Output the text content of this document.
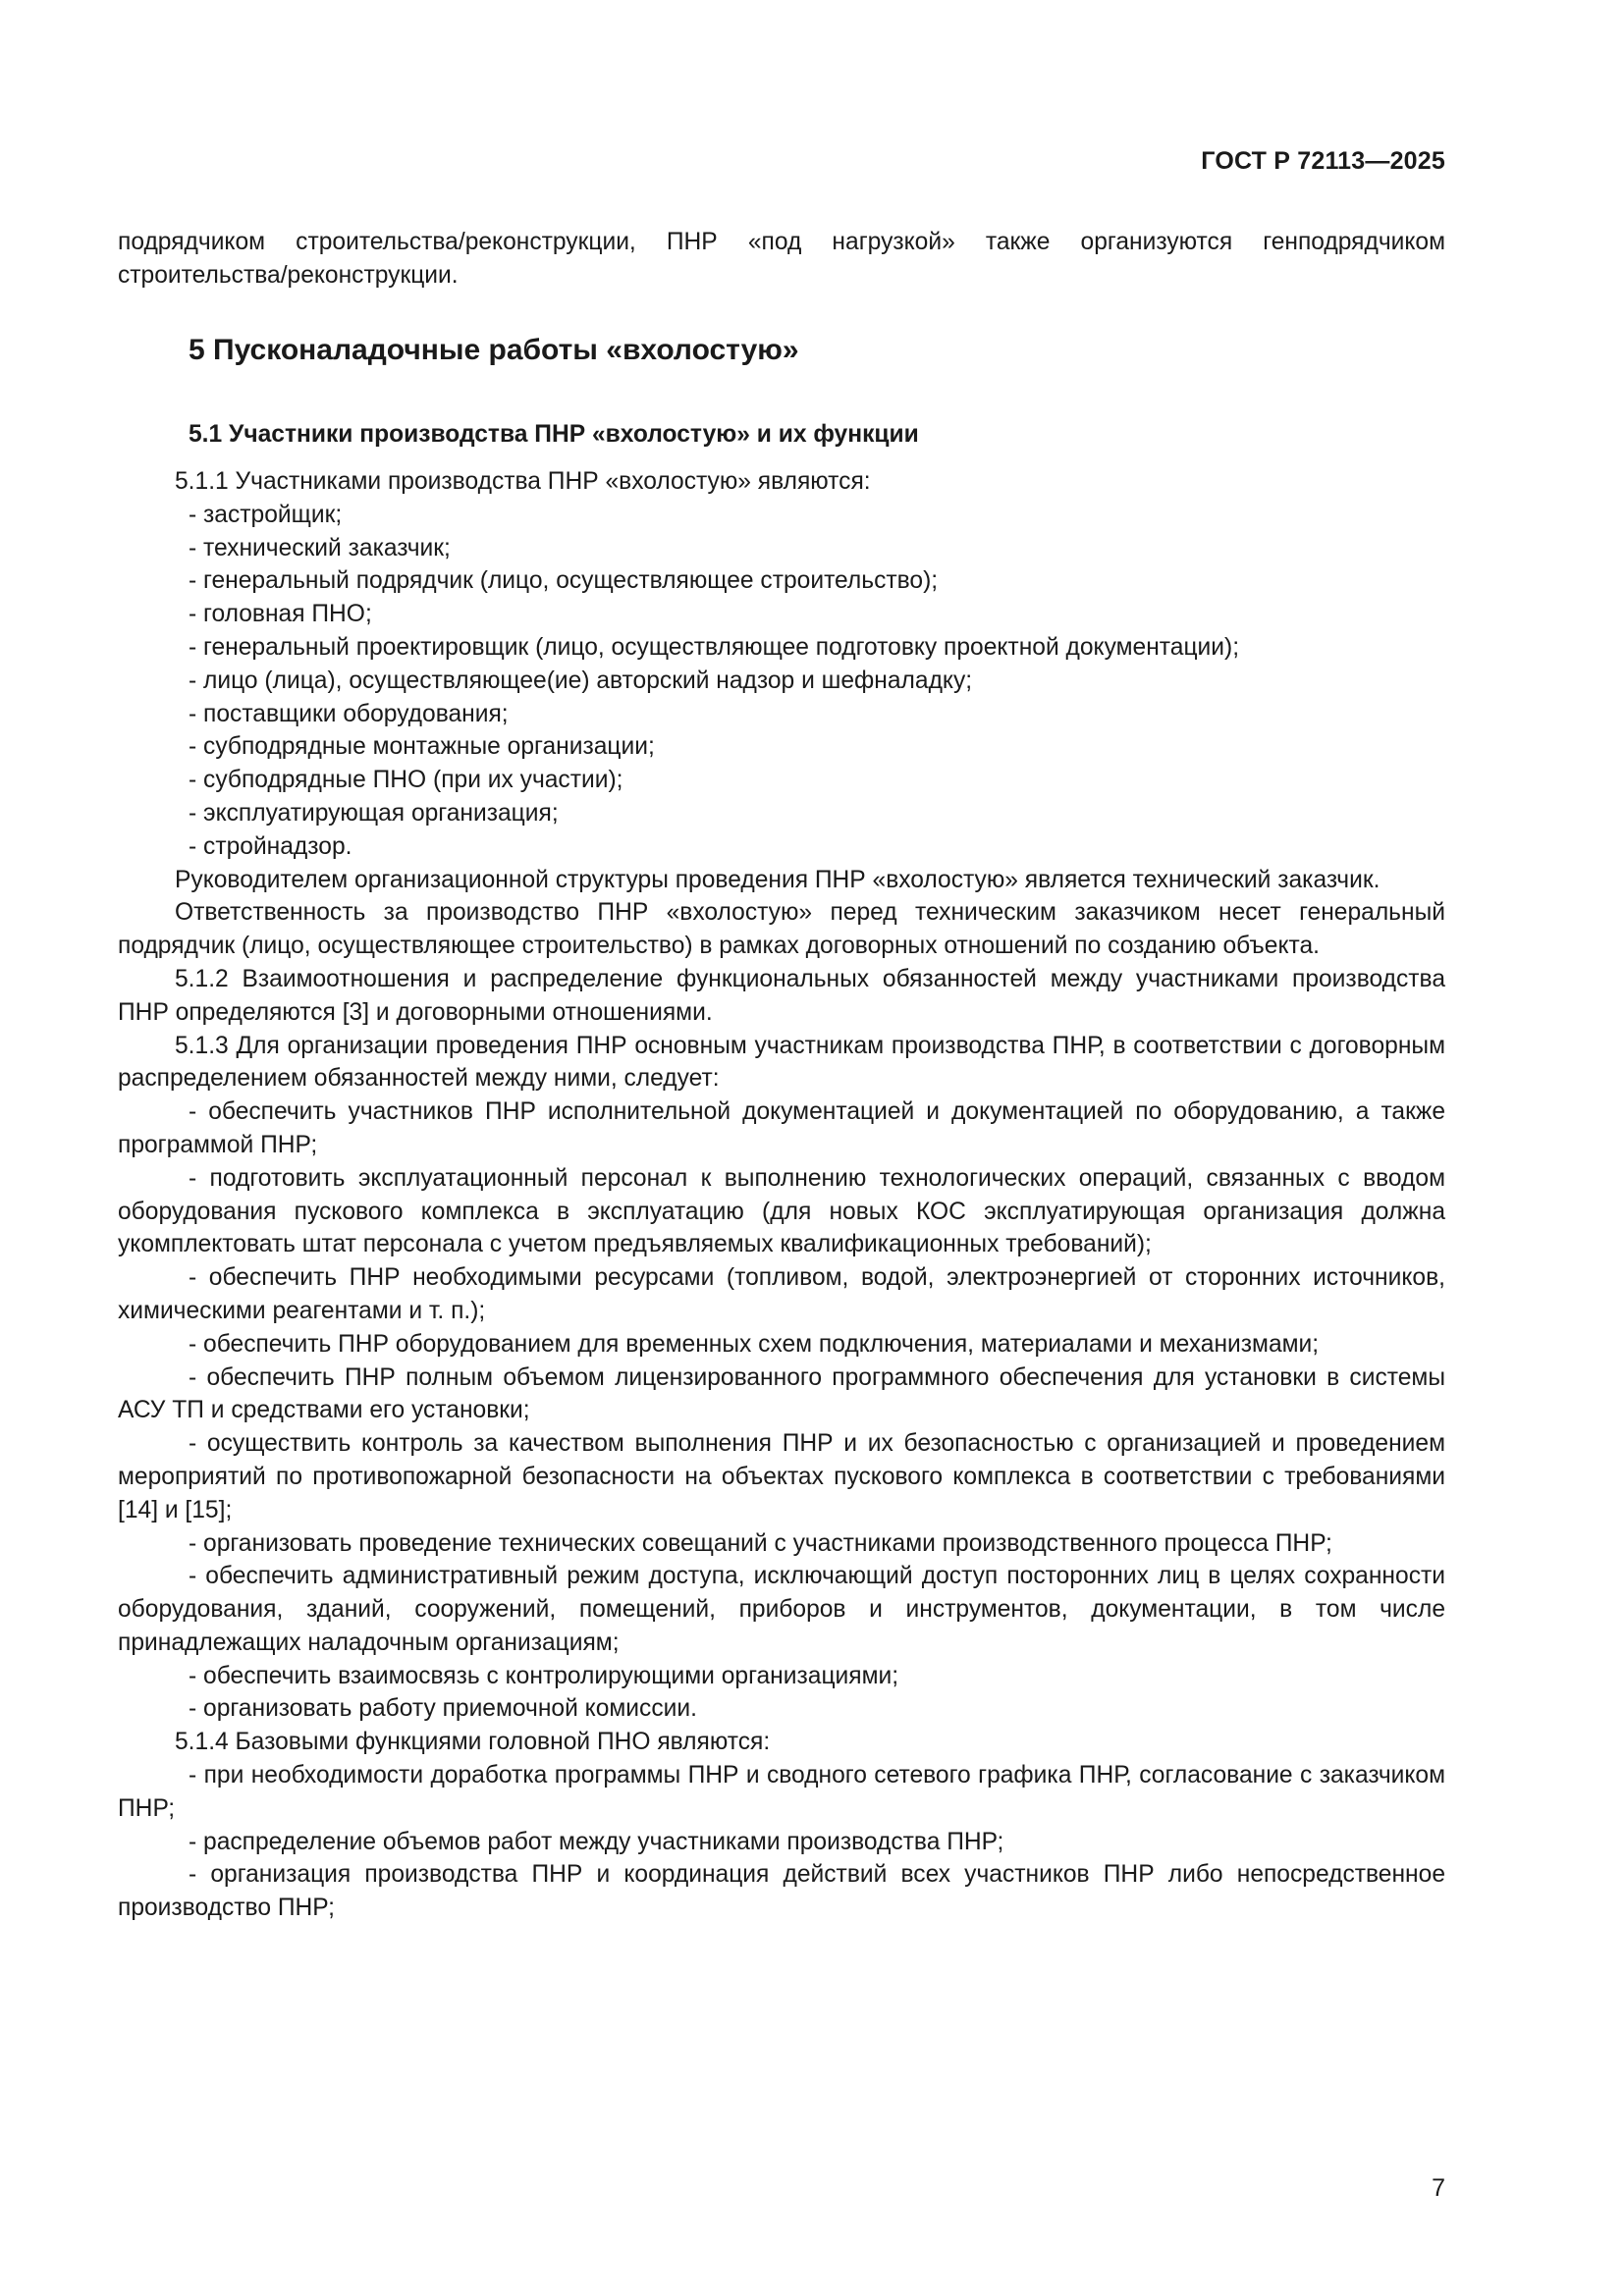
ГОСТ Р 72113—2025

подрядчиком строительства/реконструкции, ПНР «под нагрузкой» также организуются генподрядчиком строительства/реконструкции.

5 Пусконаладочные работы «вхолостую»
5.1 Участники производства ПНР «вхолостую» и их функции

5.1.1 Участниками производства ПНР «вхолостую» являются:

- застройщик;
- технический заказчик;
- генеральный подрядчик (лицо, осуществляющее строительство);
- головная ПНО;
- генеральный проектировщик (лицо, осуществляющее подготовку проектной документации);
- лицо (лица), осуществляющее(ие) авторский надзор и шефналадку;
- поставщики оборудования;
- субподрядные монтажные организации;
- субподрядные ПНО (при их участии);
- эксплуатирующая организация;
- стройнадзор.

Руководителем организационной структуры проведения ПНР «вхолостую» является технический заказчик.

Ответственность за производство ПНР «вхолостую» перед техническим заказчиком несет генеральный подрядчик (лицо, осуществляющее строительство) в рамках договорных отношений по созданию объекта.

5.1.2 Взаимоотношения и распределение функциональных обязанностей между участниками производства ПНР определяются [3] и договорными отношениями.

5.1.3 Для организации проведения ПНР основным участникам производства ПНР, в соответствии с договорным распределением обязанностей между ними, следует:

- обеспечить участников ПНР исполнительной документацией и документацией по оборудованию, а также программой ПНР;

- подготовить эксплуатационный персонал к выполнению технологических операций, связанных с вводом оборудования пускового комплекса в эксплуатацию (для новых КОС эксплуатирующая организация должна укомплектовать штат персонала с учетом предъявляемых квалификационных требований);

- обеспечить ПНР необходимыми ресурсами (топливом, водой, электроэнергией от сторонних источников, химическими реагентами и т. п.);

- обеспечить ПНР оборудованием для временных схем подключения, материалами и механизмами;

- обеспечить ПНР полным объемом лицензированного программного обеспечения для установки в системы АСУ ТП и средствами его установки;

- осуществить контроль за качеством выполнения ПНР и их безопасностью с организацией и проведением мероприятий по противопожарной безопасности на объектах пускового комплекса в соответствии с требованиями [14] и [15];

- организовать проведение технических совещаний с участниками производственного процесса ПНР;

- обеспечить административный режим доступа, исключающий доступ посторонних лиц в целях сохранности оборудования, зданий, сооружений, помещений, приборов и инструментов, документации, в том числе принадлежащих наладочным организациям;

- обеспечить взаимосвязь с контролирующими организациями;

- организовать работу приемочной комиссии.

5.1.4 Базовыми функциями головной ПНО являются:

- при необходимости доработка программы ПНР и сводного сетевого графика ПНР, согласование с заказчиком ПНР;

- распределение объемов работ между участниками производства ПНР;

- организация производства ПНР и координация действий всех участников ПНР либо непосредственное производство ПНР;

7
